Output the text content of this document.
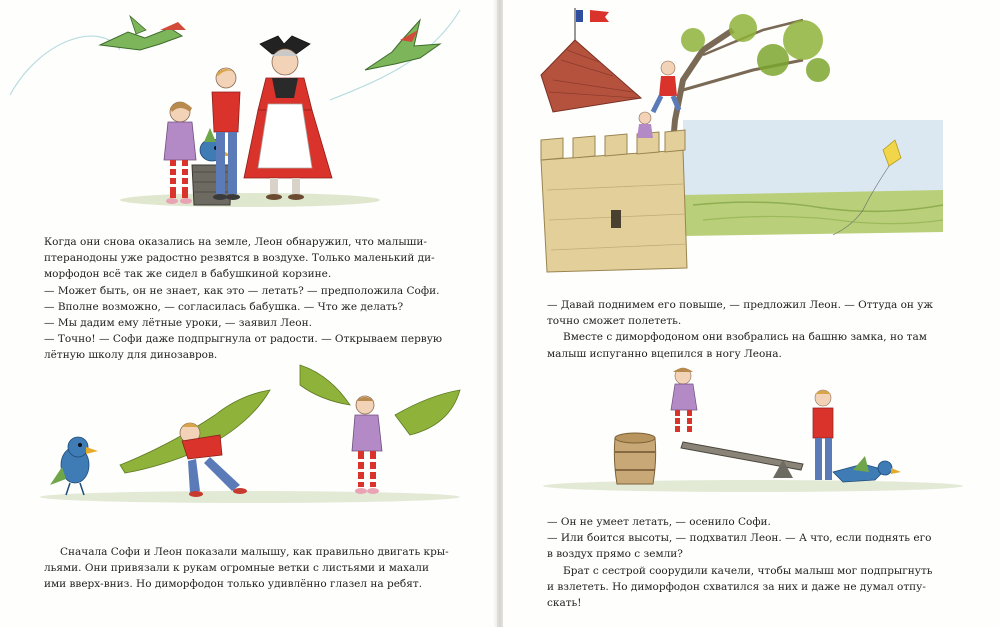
Когда они снова оказались на земле, Леон обнаружил, что малыши-

птеранодоны уже радостно резвятся в воздухе. Только маленький ди-

морфодон всё так же сидел в бабушкиной корзине.

— Может быть, он не знает, как это — летать? — предположила Софи.

— Вполне возможно, — согласилась бабушка. — Что же делать?

— Мы дадим ему лётные уроки, — заявил Леон.

— Точно! — Софи даже подпрыгнула от радости. — Открываем первую

лётную школу для динозавров.

Сначала Софи и Леон показали малышу, как правильно двигать кры-

льями. Они привязали к рукам огромные ветки с листьями и махали

ими вверх-вниз. Но диморфодон только удивлённо глазел на ребят.

— Давай поднимем его повыше, — предложил Леон. — Оттуда он уж

точно сможет полететь.

Вместе с диморфодоном они взобрались на башню замка, но там

малыш испуганно вцепился в ногу Леона.

— Он не умеет летать, — осенило Софи.

— Или боится высоты, — подхватил Леон. — А что, если поднять его

в воздух прямо с земли?

Брат с сестрой соорудили качели, чтобы малыш мог подпрыгнуть

и взлететь. Но диморфодон схватился за них и даже не думал отпу-

скать!
